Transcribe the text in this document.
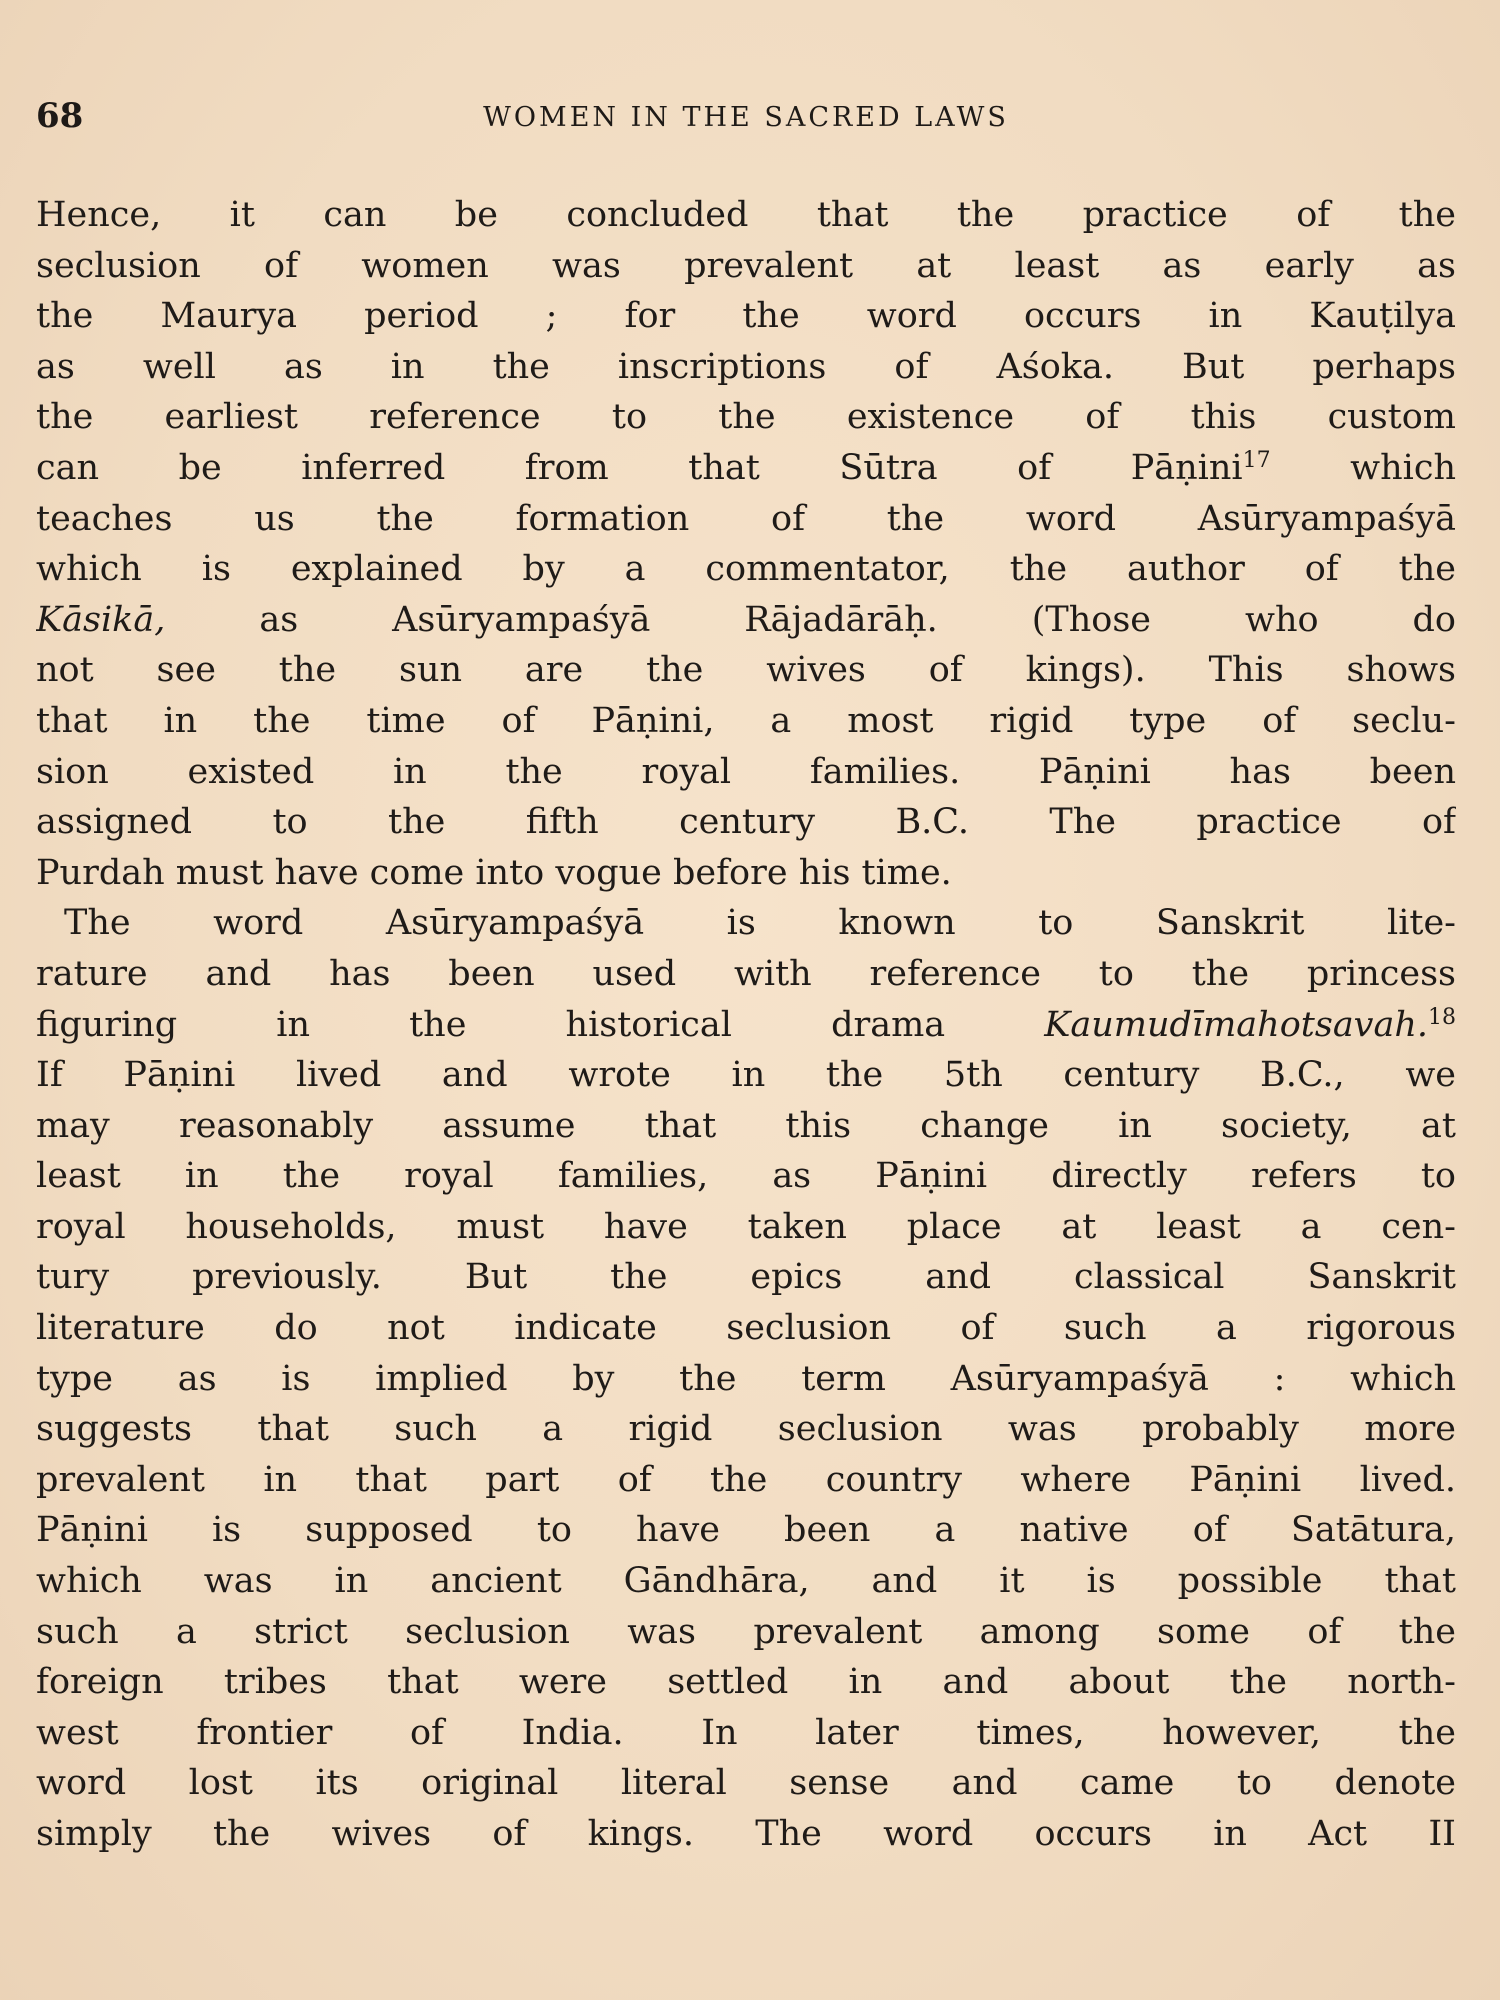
68	WOMEN IN THE SACRED LAWS
Hence, it can be concluded that the practice of the
seclusion of women was prevalent at least as early as
the Maurya period ; for the word occurs in Kauṭilya
as well as in the inscriptions of Aśoka. But perhaps
the earliest reference to the existence of this custom
can be inferred from that Sūtra of Pāṇini$^{17}$ which
teaches us the formation of the word Asūryampaśyā
which is explained by a commentator, the author of the
Kāsikā, as Asūryampaśyā Rājadārāḥ. (Those who do
not see the sun are the wives of kings). This shows
that in the time of Pāṇini, a most rigid type of seclu-
sion existed in the royal families. Pāṇini has been
assigned to the fifth century B.C. The practice of
Purdah must have come into vogue before his time.
The word Asūryampaśyā is known to Sanskrit lite-
rature and has been used with reference to the princess
figuring in the historical drama Kaumudīmahotsavah.$^{18}$
If Pāṇini lived and wrote in the 5th century B.C., we
may reasonably assume that this change in society, at
least in the royal families, as Pāṇini directly refers to
royal households, must have taken place at least a cen-
tury previously. But the epics and classical Sanskrit
literature do not indicate seclusion of such a rigorous
type as is implied by the term Asūryampaśyā : which
suggests that such a rigid seclusion was probably more
prevalent in that part of the country where Pāṇini lived.
Pāṇini is supposed to have been a native of Satātura,
which was in ancient Gāndhāra, and it is possible that
such a strict seclusion was prevalent among some of the
foreign tribes that were settled in and about the north-
west frontier of India. In later times, however, the
word lost its original literal sense and came to denote
simply the wives of kings. The word occurs in Act II
